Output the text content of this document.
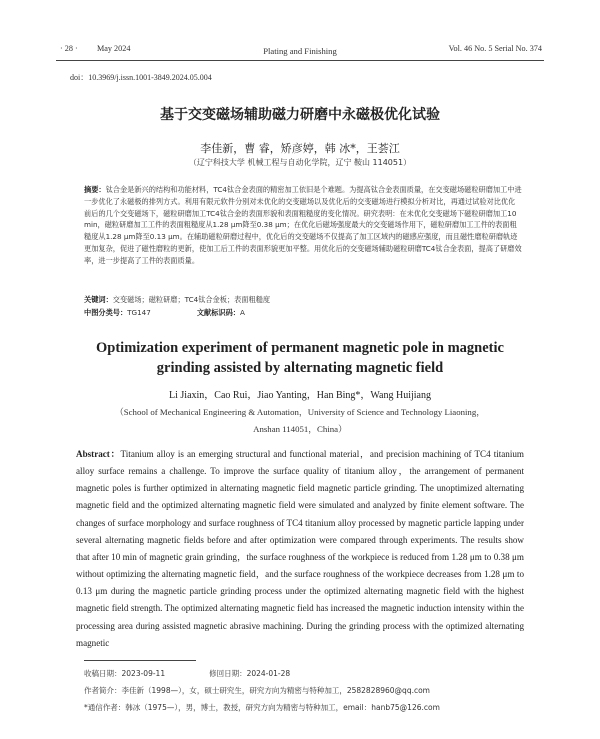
· 28 · May 2024	Plating and Finishing	Vol. 46 No. 5 Serial No. 374
doi：10.3969/j.issn.1001-3849.2024.05.004
基于交变磁场辅助磁力研磨中永磁极优化试验
李佳新，曹 睿，矫彦婷，韩 冰*，王荟江
（辽宁科技大学 机械工程与自动化学院，辽宁 鞍山 114051）
摘要：钛合金是新兴的结构和功能材料，TC4钛合金表面的精密加工依旧是个难题。为提高钛合金表面质量，在交变磁场磁粒研磨加工中进一步优化了永磁极的排列方式。利用有限元软件分别对未优化的交变磁场以及优化后的交变磁场进行模拟分析对比，再通过试验对比优化前后的几个交变磁场下，磁粒研磨加工TC4钛合金的表面形貌和表面粗糙度的变化情况。研究表明：在未优化交变磁场下磁粒研磨加工10 min，磁粒研磨加工工件的表面粗糙度从1.28 μm降至0.38 μm；在优化后磁场强度最大的交变磁场作用下，磁粒研磨加工工件的表面粗糙度从1.28 μm降至0.13 μm。在辅助磁粒研磨过程中，优化后的交变磁场不仅提高了加工区域内的磁感应强度，而且磁性磨粒研磨轨迹更加复杂，促进了磁性磨粒的更新，使加工后工件的表面形貌更加平整。用优化后的交变磁场辅助磁粒研磨TC4钛合金表面，提高了研磨效率，进一步提高了工件的表面质量。
关键词：交变磁场；磁粒研磨；TC4钛合金板；表面粗糙度
中图分类号：TG147	文献标识码：A
Optimization experiment of permanent magnetic pole in magnetic grinding assisted by alternating magnetic field
Li Jiaxin，Cao Rui，Jiao Yanting，Han Bing*，Wang Huijiang
（School of Mechanical Engineering & Automation，University of Science and Technology Liaoning，
Anshan 114051，China）
Abstract：Titanium alloy is an emerging structural and functional material，and precision machining of TC4 titanium alloy surface remains a challenge. To improve the surface quality of titanium alloy，the arrangement of permanent magnetic poles is further optimized in alternating magnetic field magnetic particle grinding. The unoptimized alternating magnetic field and the optimized alternating magnetic field were simulated and analyzed by finite element software. The changes of surface morphology and surface roughness of TC4 titanium alloy processed by magnetic particle lapping under several alternating magnetic fields before and after optimization were compared through experiments. The results show that after 10 min of magnetic grain grinding，the surface roughness of the workpiece is reduced from 1.28 μm to 0.38 μm without optimizing the alternating magnetic field，and the surface roughness of the workpiece decreases from 1.28 μm to 0.13 μm during the magnetic particle grinding process under the optimized alternating magnetic field with the highest magnetic field strength. The optimized alternating magnetic field has increased the magnetic induction intensity within the processing area during assisted magnetic abrasive machining. During the grinding process with the optimized alternating magnetic
收稿日期：2023-09-11	修回日期：2024-01-28
作者简介：李佳新（1998—），女，硕士研究生，研究方向为精密与特种加工，2582828960@qq.com
*通信作者：韩冰（1975—），男，博士，教授，研究方向为精密与特种加工，email：hanb75@126.com
